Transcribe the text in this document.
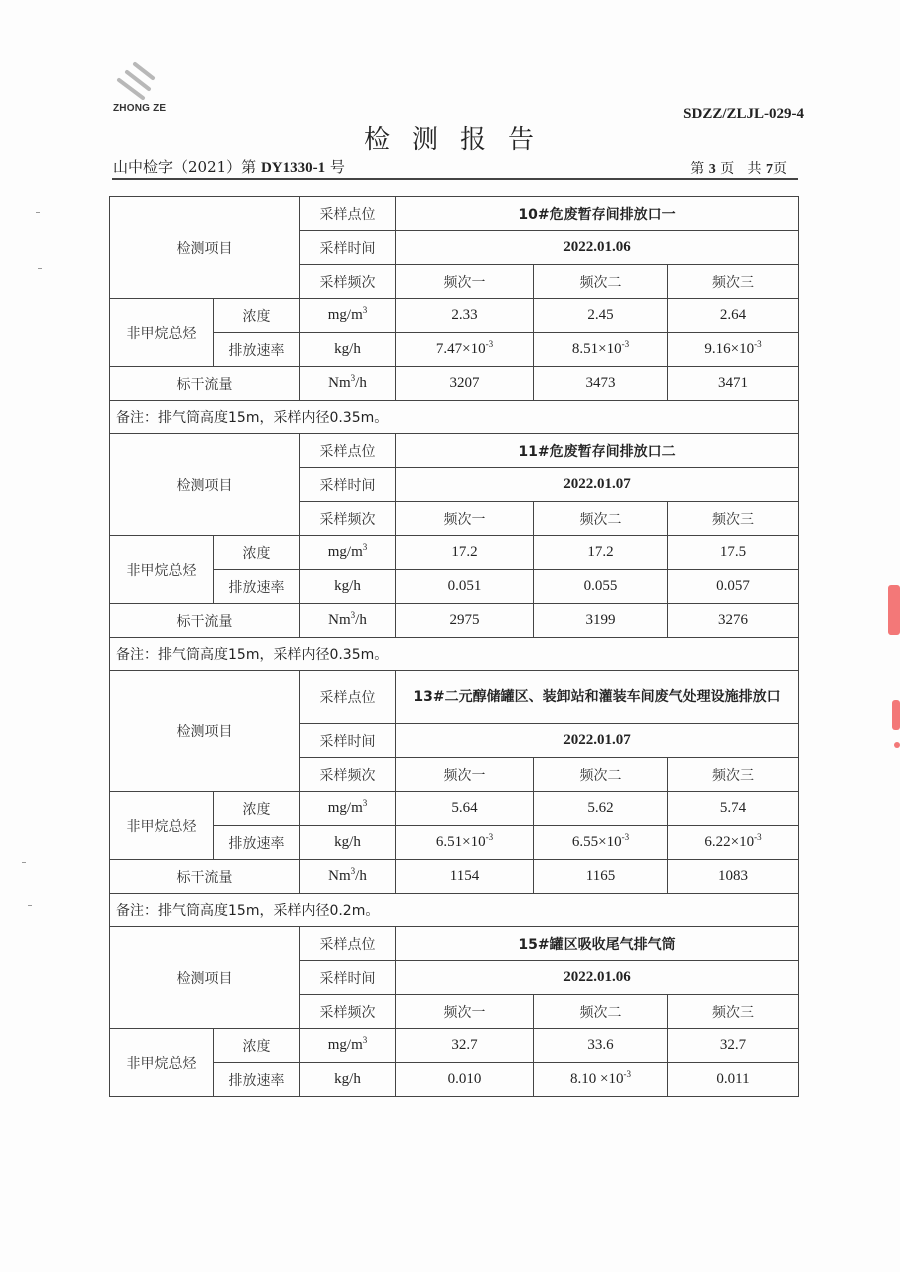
ZHONG ZE	SDZZ/ZLJL-029-4
检测报告
山中检字（2021）第 DY1330-1 号	第 3 页   共 7页
检测项目		采样点位	10#危废暂存间排放口一		
		采样时间	2022.01.06		
		采样频次	频次一	频次二	频次三
非甲烷总烃	浓度	$mg/m^3$	2.33	2.45	2.64
	排放速率	kg/h	$7.47\times 10^{-3}$	$8.51\times 10^{-3}$	$9.16\times 10^{-3}$
标干流量		Nm$^3$/h	3207	3473	3471
备注：排气筒高度15m，采样内径0.35m。					
检测项目		采样点位	11#危废暂存间排放口二		
		采样时间	2022.01.07		
		采样频次	频次一	频次二	频次三
非甲烷总烃	浓度	$mg/m^3$	17.2	17.2	17.5
	排放速率	kg/h	0.051	0.055	0.057
标干流量		Nm$^3$/h	2975	3199	3276
备注：排气筒高度15m，采样内径0.35m。					
检测项目		采样点位	13#二元醇储罐区、装卸站和灌装车间废气处理设施排放口		
		采样时间	2022.01.07		
		采样频次	频次一	频次二	频次三
非甲烷总烃	浓度	$mg/m^3$	5.64	5.62	5.74
	排放速率	kg/h	$6.51\times 10^{-3}$	$6.55\times 10^{-3}$	$6.22\times 10^{-3}$
标干流量		Nm$^3$/h	1154	1165	1083
备注：排气筒高度15m，采样内径0.2m。					
检测项目		采样点位	15#罐区吸收尾气排气筒		
		采样时间	2022.01.06		
		采样频次	频次一	频次二	频次三
非甲烷总烃	浓度	$mg/m^3$	32.7	33.6	32.7
	排放速率	kg/h	0.010	$8.10 \times 10^{-3}$	0.011
